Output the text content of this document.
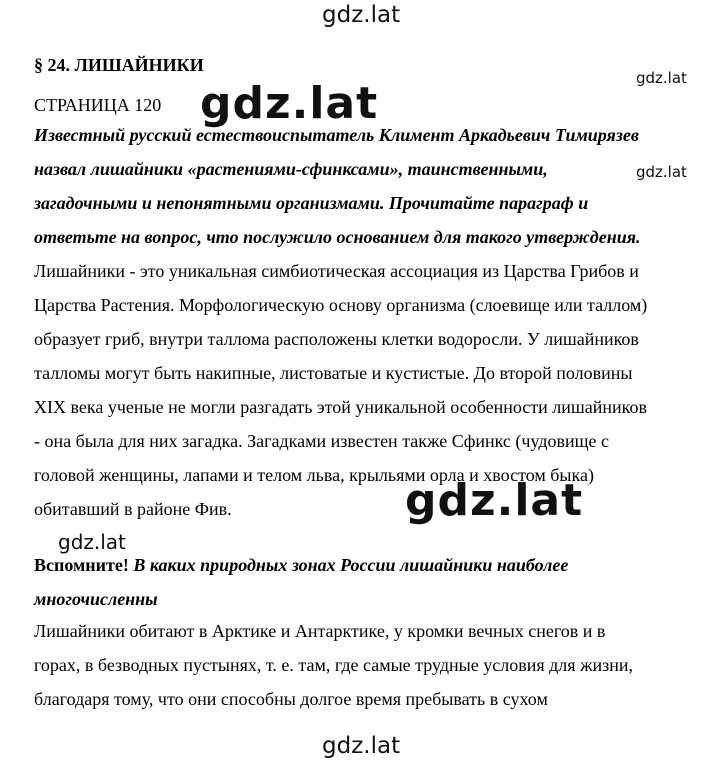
gdz.lat
gdz.lat
gdz.lat
gdz.lat
gdz.lat
gdz.lat
gdz.lat
§ 24. ЛИШАЙНИКИ
СТРАНИЦА 120
Известный русский естествоиспытатель Климент Аркадьевич Тимирязев
назвал лишайники «растениями-сфинксами», таинственными,
загадочными и непонятными организмами. Прочитайте параграф и
ответьте на вопрос, что послужило основанием для такого утверждения.
Лишайники - это уникальная симбиотическая ассоциация из Царства Грибов и
Царства Растения. Морфологическую основу организма (слоевище или таллом)
образует гриб, внутри таллома расположены клетки водоросли. У лишайников
талломы могут быть накипные, листоватые и кустистые. До второй половины
XIX века ученые не могли разгадать этой уникальной особенности лишайников
- она была для них загадка. Загадками известен также Сфинкс (чудовище с
головой женщины, лапами и телом льва, крыльями орла и хвостом быка)
обитавший в районе Фив.
Вспомните! В каких природных зонах России лишайники наиболее
многочисленны
Лишайники обитают в Арктике и Антарктике, у кромки вечных снегов и в
горах, в безводных пустынях, т. е. там, где самые трудные условия для жизни,
благодаря тому, что они способны долгое время пребывать в сухом
